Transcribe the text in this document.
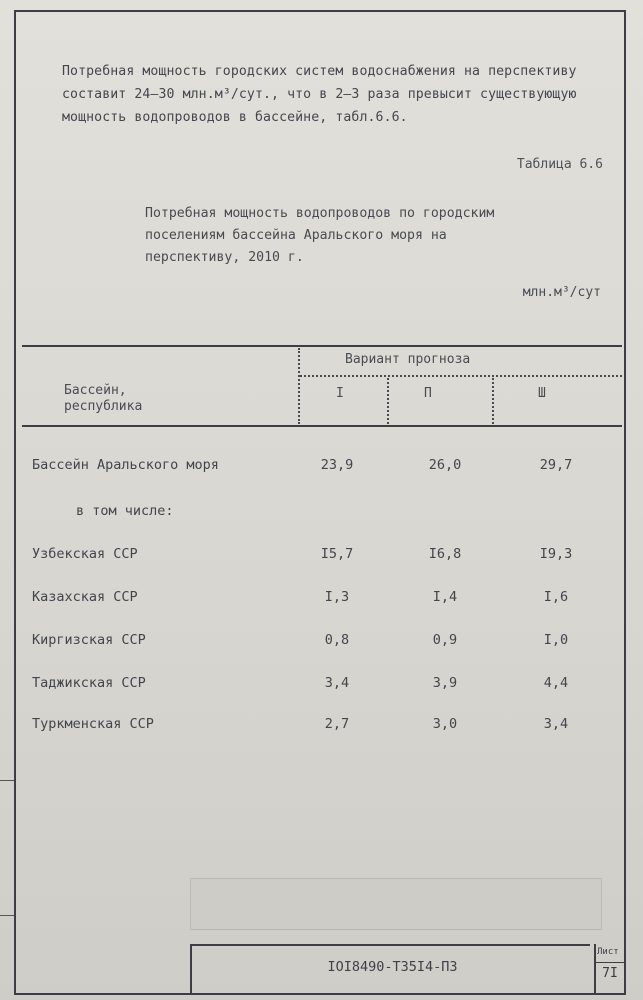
Потребная мощность городских систем водоснабжения на перспективу составит 24–30 млн.м³/сут., что в 2–3 раза превысит существующую мощность водопроводов в бассейне, табл.6.6.
Таблица 6.6
Потребная мощность водопроводов по городским поселениям бассейна Аральского моря на перспективу, 2010 г.
млн.м³/сут
Бассейн, республика
Вариант прогноза
I	П	Ш
Бассейн Аральского моря	23,9	26,0	29,7
в том числе:
Узбекская ССР	I5,7	I6,8	I9,3
Казахская ССР	I,3	I,4	I,6
Киргизская ССР	0,8	0,9	I,0
Таджикская ССР	3,4	3,9	4,4
Туркменская ССР	2,7	3,0	3,4
IOI8490-Т35I4-ПЗ
Лист
7I
